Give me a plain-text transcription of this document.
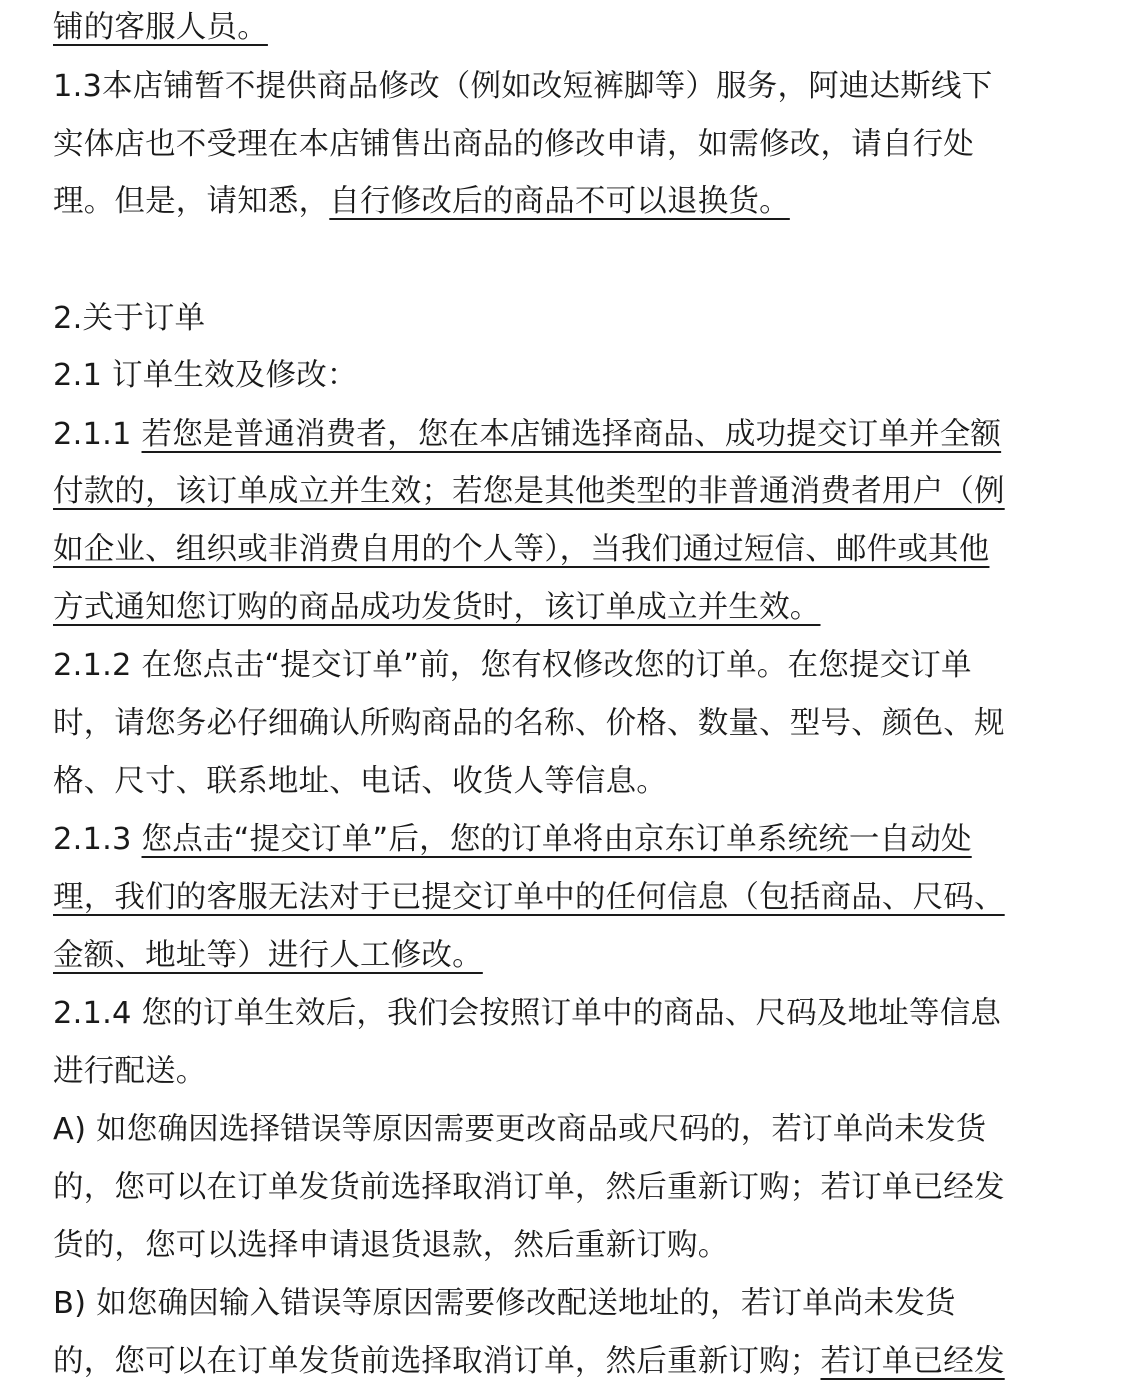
铺的客服人员。
1.3本店铺暂不提供商品修改（例如改短裤脚等）服务，阿迪达斯线下
实体店也不受理在本店铺售出商品的修改申请，如需修改，请自行处
理。但是，请知悉，自行修改后的商品不可以退换货。
2.关于订单
2.1 订单生效及修改：
2.1.1 若您是普通消费者，您在本店铺选择商品、成功提交订单并全额
付款的，该订单成立并生效；若您是其他类型的非普通消费者用户（例
如企业、组织或非消费自用的个人等），当我们通过短信、邮件或其他
方式通知您订购的商品成功发货时，该订单成立并生效。
2.1.2 在您点击“提交订单”前，您有权修改您的订单。在您提交订单
时，请您务必仔细确认所购商品的名称、价格、数量、型号、颜色、规
格、尺寸、联系地址、电话、收货人等信息。
2.1.3 您点击“提交订单”后，您的订单将由京东订单系统统一自动处
理，我们的客服无法对于已提交订单中的任何信息（包括商品、尺码、
金额、地址等）进行人工修改。
2.1.4 您的订单生效后，我们会按照订单中的商品、尺码及地址等信息
进行配送。
A) 如您确因选择错误等原因需要更改商品或尺码的，若订单尚未发货
的，您可以在订单发货前选择取消订单，然后重新订购；若订单已经发
货的，您可以选择申请退货退款，然后重新订购。
B) 如您确因输入错误等原因需要修改配送地址的，若订单尚未发货
的，您可以在订单发货前选择取消订单，然后重新订购；若订单已经发
